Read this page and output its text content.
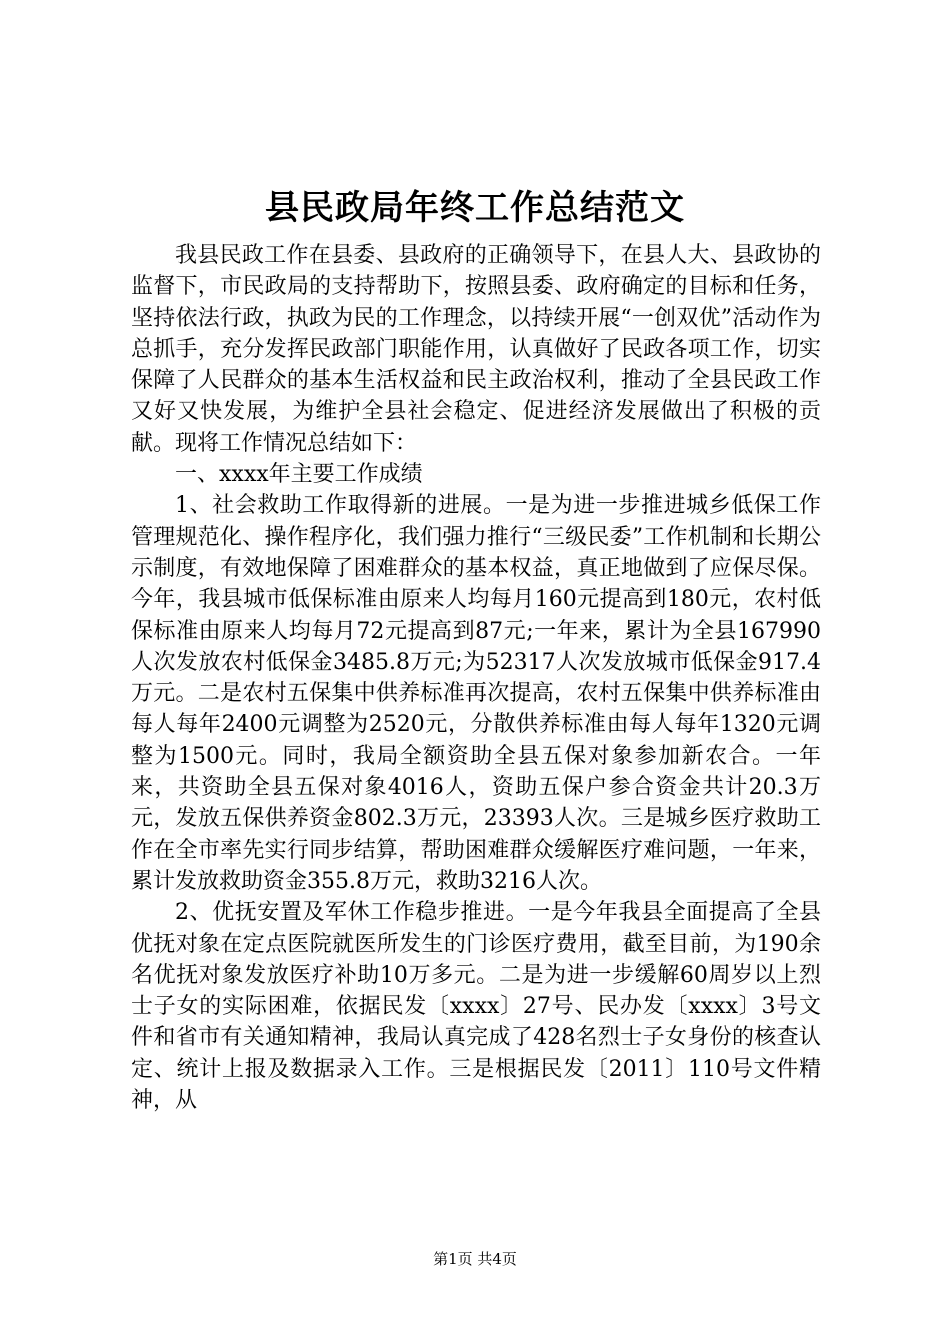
县民政局年终工作总结范文

我县民政工作在县委、县政府的正确领导下，在县人大、县政协的监督下，市民政局的支持帮助下，按照县委、政府确定的目标和任务，坚持依法行政，执政为民的工作理念，以持续开展“一创双优”活动作为总抓手，充分发挥民政部门职能作用，认真做好了民政各项工作，切实保障了人民群众的基本生活权益和民主政治权利，推动了全县民政工作又好又快发展，为维护全县社会稳定、促进经济发展做出了积极的贡献。现将工作情况总结如下：

一、xxxx年主要工作成绩

1、社会救助工作取得新的进展。一是为进一步推进城乡低保工作管理规范化、操作程序化，我们强力推行“三级民委”工作机制和长期公示制度，有效地保障了困难群众的基本权益，真正地做到了应保尽保。今年，我县城市低保标准由原来人均每月160元提高到180元，农村低保标准由原来人均每月72元提高到87元;一年来，累计为全县167990人次发放农村低保金3485.8万元;为52317人次发放城市低保金917.4万元。二是农村五保集中供养标准再次提高，农村五保集中供养标准由每人每年2400元调整为2520元，分散供养标准由每人每年1320元调整为1500元。同时，我局全额资助全县五保对象参加新农合。一年来，共资助全县五保对象4016人，资助五保户参合资金共计20.3万元，发放五保供养资金802.3万元，23393人次。三是城乡医疗救助工作在全市率先实行同步结算，帮助困难群众缓解医疗难问题，一年来，累计发放救助资金355.8万元，救助3216人次。

2、优抚安置及军休工作稳步推进。一是今年我县全面提高了全县优抚对象在定点医院就医所发生的门诊医疗费用，截至目前，为190余名优抚对象发放医疗补助10万多元。二是为进一步缓解60周岁以上烈士子女的实际困难，依据民发〔xxxx〕27号、民办发〔xxxx〕3号文件和省市有关通知精神，我局认真完成了428名烈士子女身份的核查认定、统计上报及数据录入工作。三是根据民发〔2011〕110号文件精神，从

第1页 共4页
